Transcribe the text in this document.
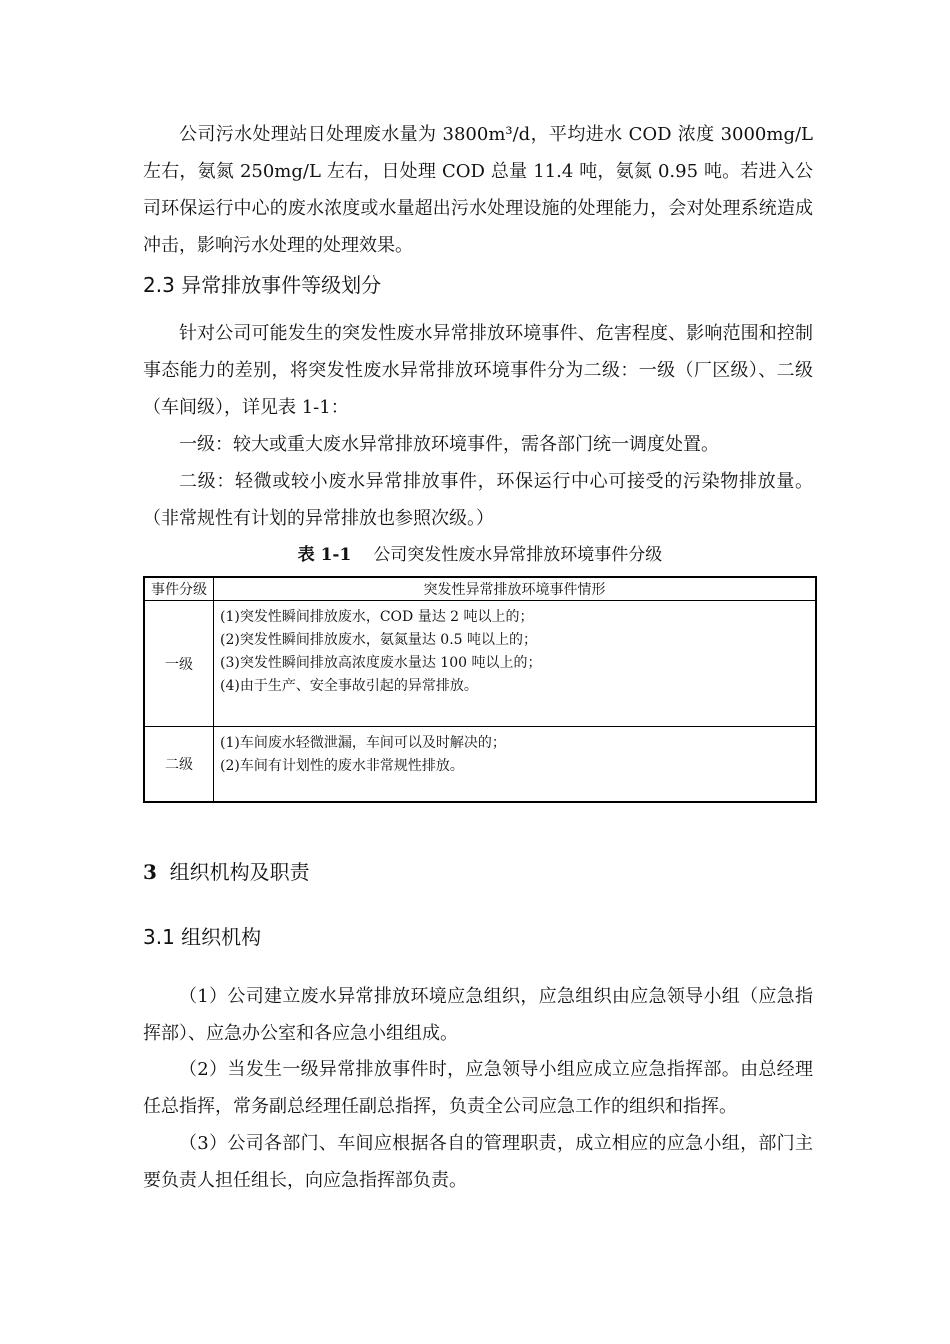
公司污水处理站日处理废水量为 3800m³/d，平均进水 COD 浓度 3000mg/L 左右，氨氮 250mg/L 左右，日处理 COD 总量 11.4 吨，氨氮 0.95 吨。若进入公司环保运行中心的废水浓度或水量超出污水处理设施的处理能力，会对处理系统造成冲击，影响污水处理的处理效果。

2.3 异常排放事件等级划分

针对公司可能发生的突发性废水异常排放环境事件、危害程度、影响范围和控制事态能力的差别，将突发性废水异常排放环境事件分为二级：一级（厂区级）、二级（车间级），详见表 1-1：

一级：较大或重大废水异常排放环境事件，需各部门统一调度处置。

二级：轻微或较小废水异常排放事件，环保运行中心可接受的污染物排放量。（非常规性有计划的异常排放也参照次级。）

表 1-1 公司突发性废水异常排放环境事件分级

事件分级	突发性异常排放环境事件情形
一级	(1)突发性瞬间排放废水，COD 量达 2 吨以上的；
(2)突发性瞬间排放废水，氨氮量达 0.5 吨以上的；
(3)突发性瞬间排放高浓度废水量达 100 吨以上的；
(4)由于生产、安全事故引起的异常排放。

二级	(1)车间废水轻微泄漏，车间可以及时解决的；
(2)车间有计划性的废水非常规性排放。
3 组织机构及职责
3.1 组织机构

（1）公司建立废水异常排放环境应急组织，应急组织由应急领导小组（应急指挥部）、应急办公室和各应急小组组成。

（2）当发生一级异常排放事件时，应急领导小组应成立应急指挥部。由总经理任总指挥，常务副总经理任副总指挥，负责全公司应急工作的组织和指挥。

（3）公司各部门、车间应根据各自的管理职责，成立相应的应急小组，部门主要负责人担任组长，向应急指挥部负责。
